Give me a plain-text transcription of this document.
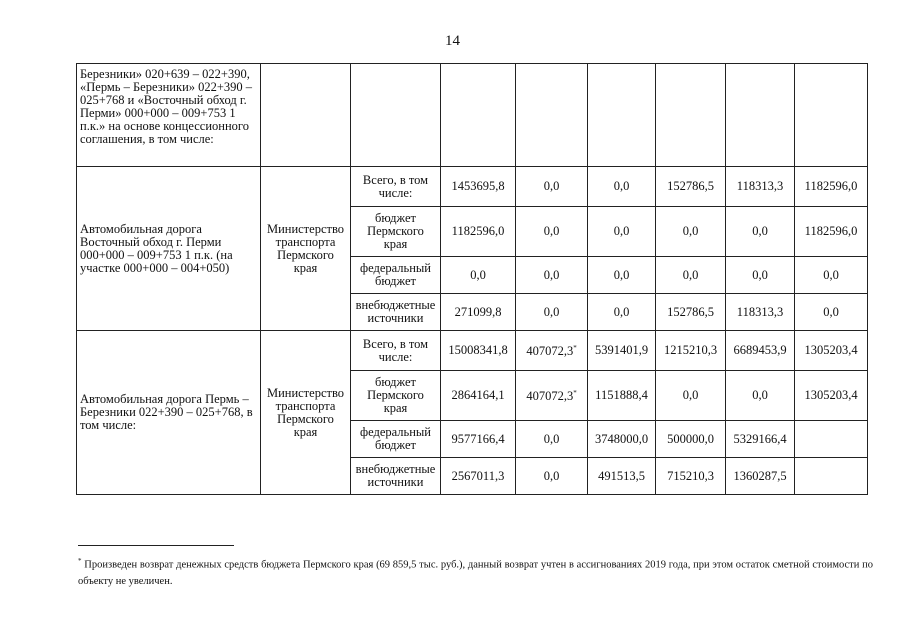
14
Березники» 020+639 – 022+390, «Пермь – Березники» 022+390 – 025+768 и «Восточный обход г. Перми» 000+000 – 009+753 1 п.к.» на основе концессионного соглашения, в том числе:								
Автомобильная дорога Восточный обход г. Перми 000+000 – 009+753 1 п.к. (на участке 000+000 – 004+050)	Министерство транспорта Пермского края	Всего, в том числе:	1453695,8	0,0	0,0	152786,5	118313,3	1182596,0
		бюджет Пермского края	1182596,0	0,0	0,0	0,0	0,0	1182596,0
		федеральный бюджет	0,0	0,0	0,0	0,0	0,0	0,0
		внебюджетные источники	271099,8	0,0	0,0	152786,5	118313,3	0,0
Автомобильная дорога Пермь – Березники 022+390 – 025+768, в том числе:	Министерство транспорта Пермского края	Всего, в том числе:	15008341,8	407072,3*	5391401,9	1215210,3	6689453,9	1305203,4
		бюджет Пермского края	2864164,1	407072,3*	1151888,4	0,0	0,0	1305203,4
		федеральный бюджет	9577166,4	0,0	3748000,0	500000,0	5329166,4	
		внебюджетные источники	2567011,3	0,0	491513,5	715210,3	1360287,5	
* Произведен возврат денежных средств бюджета Пермского края (69 859,5 тыс. руб.), данный возврат учтен в ассигнованиях 2019 года, при этом остаток сметной стоимости по объекту не увеличен.
